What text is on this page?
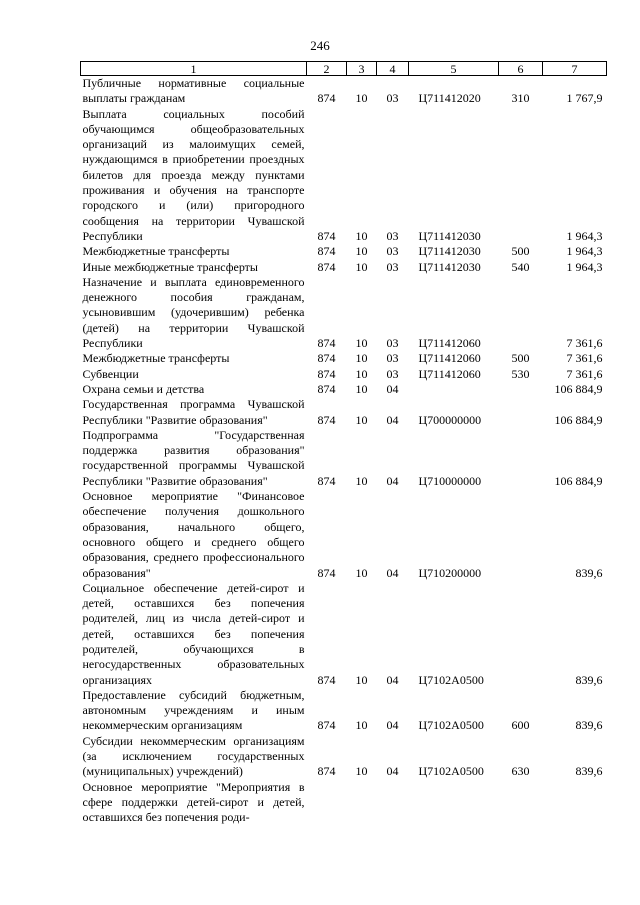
246
1	2	3	4	5	6	7
Публичные нормативные социальные выплаты гражданам	874	10	03	Ц711412020	310	1 767,9
Выплата социальных пособий обучающимся общеобразовательных организаций из малоимущих семей, нуждающимся в приобретении проездных билетов для проезда между пунктами проживания и обучения на транспорте городского и (или) пригородного сообщения на территории Чувашской Республики	874	10	03	Ц711412030		1 964,3
Межбюджетные трансферты	874	10	03	Ц711412030	500	1 964,3
Иные межбюджетные трансферты	874	10	03	Ц711412030	540	1 964,3
Назначение и выплата единовременного денежного пособия гражданам, усыновившим (удочерившим) ребенка (детей) на территории Чувашской Республики	874	10	03	Ц711412060		7 361,6
Межбюджетные трансферты	874	10	03	Ц711412060	500	7 361,6
Субвенции	874	10	03	Ц711412060	530	7 361,6
Охрана семьи и детства	874	10	04			106 884,9
Государственная программа Чувашской Республики "Развитие образования"	874	10	04	Ц700000000		106 884,9
Подпрограмма "Государственная поддержка развития образования" государственной программы Чувашской Республики "Развитие образования"	874	10	04	Ц710000000		106 884,9
Основное мероприятие "Финансовое обеспечение получения дошкольного образования, начального общего, основного общего и среднего общего образования, среднего профессионального образования"	874	10	04	Ц710200000		839,6
Социальное обеспечение детей-сирот и детей, оставшихся без попечения родителей, лиц из числа детей-сирот и детей, оставшихся без попечения родителей, обучающихся в негосударственных образовательных организациях	874	10	04	Ц7102А0500		839,6
Предоставление субсидий бюджетным, автономным учреждениям и иным некоммерческим организациям	874	10	04	Ц7102А0500	600	839,6
Субсидии некоммерческим организациям (за исключением государственных (муниципальных) учреждений)	874	10	04	Ц7102А0500	630	839,6
Основное мероприятие "Мероприятия в сфере поддержки детей-сирот и детей, оставшихся без попечения роди-						
